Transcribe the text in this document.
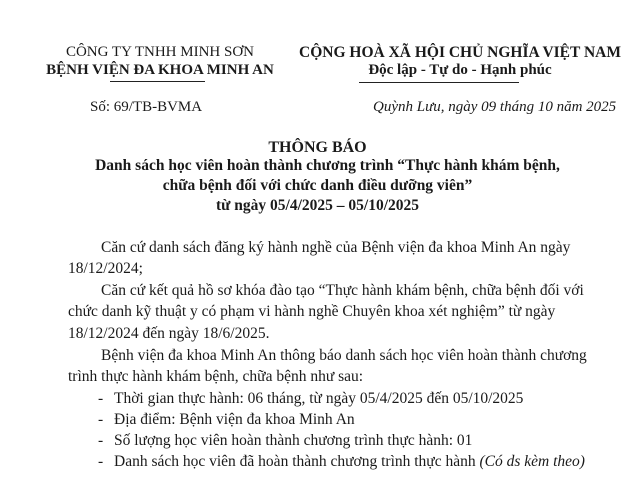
CÔNG TY TNHH MINH SƠN
BỆNH VIỆN ĐA KHOA MINH AN
Số: 69/TB-BVMA
CỘNG HOÀ XÃ HỘI CHỦ NGHĨA VIỆT NAM
Độc lập - Tự do - Hạnh phúc
Quỳnh Lưu, ngày 09 tháng 10 năm 2025
THÔNG BÁO
Danh sách học viên hoàn thành chương trình “Thực hành khám bệnh,
chữa bệnh đối với chức danh điều dưỡng viên”
từ ngày 05/4/2025 – 05/10/2025
Căn cứ danh sách đăng ký hành nghề của Bệnh viện đa khoa Minh An ngày
18/12/2024;
Căn cứ kết quả hồ sơ khóa đào tạo “Thực hành khám bệnh, chữa bệnh đối với
chức danh kỹ thuật y có phạm vi hành nghề Chuyên khoa xét nghiệm” từ ngày
18/12/2024 đến ngày 18/6/2025.
Bệnh viện đa khoa Minh An thông báo danh sách học viên hoàn thành chương
trình thực hành khám bệnh, chữa bệnh như sau:
- Thời gian thực hành: 06 tháng, từ ngày 05/4/2025 đến 05/10/2025
- Địa điểm: Bệnh viện đa khoa Minh An
- Số lượng học viên hoàn thành chương trình thực hành: 01
- Danh sách học viên đã hoàn thành chương trình thực hành (Có ds kèm theo)
